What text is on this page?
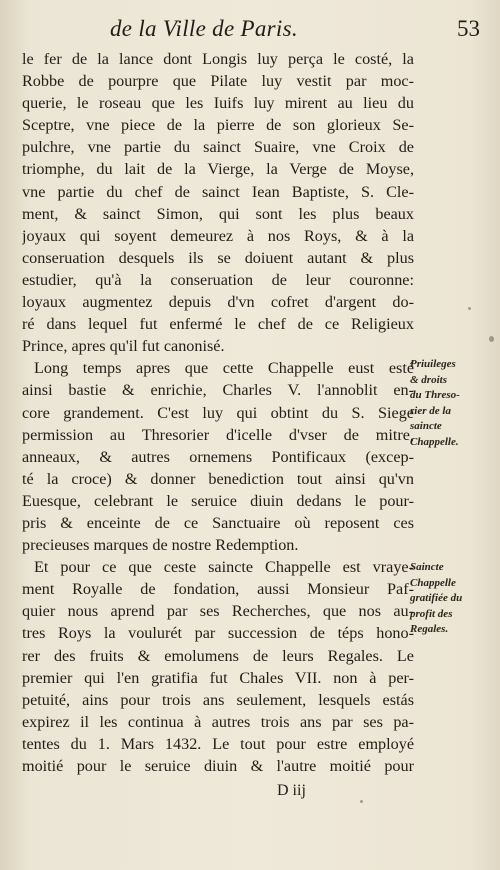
de la Ville de Paris.	53
le fer de la lance dont Longis luy perça le costé, la
Robbe de pourpre que Pilate luy vestit par moc-
querie, le roseau que les Iuifs luy mirent au lieu du
Sceptre, vne piece de la pierre de son glorieux Se-
pulchre, vne partie du sainct Suaire, vne Croix de
triomphe, du lait de la Vierge, la Verge de Moyse,
vne partie du chef de sainct Iean Baptiste, S. Cle-
ment, & sainct Simon, qui sont les plus beaux
joyaux qui soyent demeurez à nos Roys, & à la
conseruation desquels ils se doiuent autant & plus
estudier, qu'à la conseruation de leur couronne:
loyaux augmentez depuis d'vn cofret d'argent do-
ré dans lequel fut enfermé le chef de ce Religieux
Prince, apres qu'il fut canonisé.
Long temps apres que cette Chappelle eust esté
ainsi bastie & enrichie, Charles V. l'annoblit en-
core grandement. C'est luy qui obtint du S. Siege
permission au Thresorier d'icelle d'vser de mitre,
anneaux, & autres ornemens Pontificaux (excep-
té la croce) & donner benediction tout ainsi qu'vn
Euesque, celebrant le seruice diuin dedans le pour-
pris & enceinte de ce Sanctuaire où reposent ces
precieuses marques de nostre Redemption.
Et pour ce que ceste saincte Chappelle est vraye-
ment Royalle de fondation, aussi Monsieur Paf-
quier nous aprend par ses Recherches, que nos au-
tres Roys la voulurét par succession de téps hono-
rer des fruits & emolumens de leurs Regales. Le
premier qui l'en gratifia fut Chales VII. non à per-
petuité, ains pour trois ans seulement, lesquels estás
expirez il les continua à autres trois ans par ses pa-
tentes du 1. Mars 1432. Le tout pour estre employé
moitié pour le seruice diuin & l'autre moitié pour
Priuileges
& droits
du Threso-
rier de la
saincte
Chappelle.
Saincte
Chappelle
gratifiée du
profit des
Regales.
D iij
